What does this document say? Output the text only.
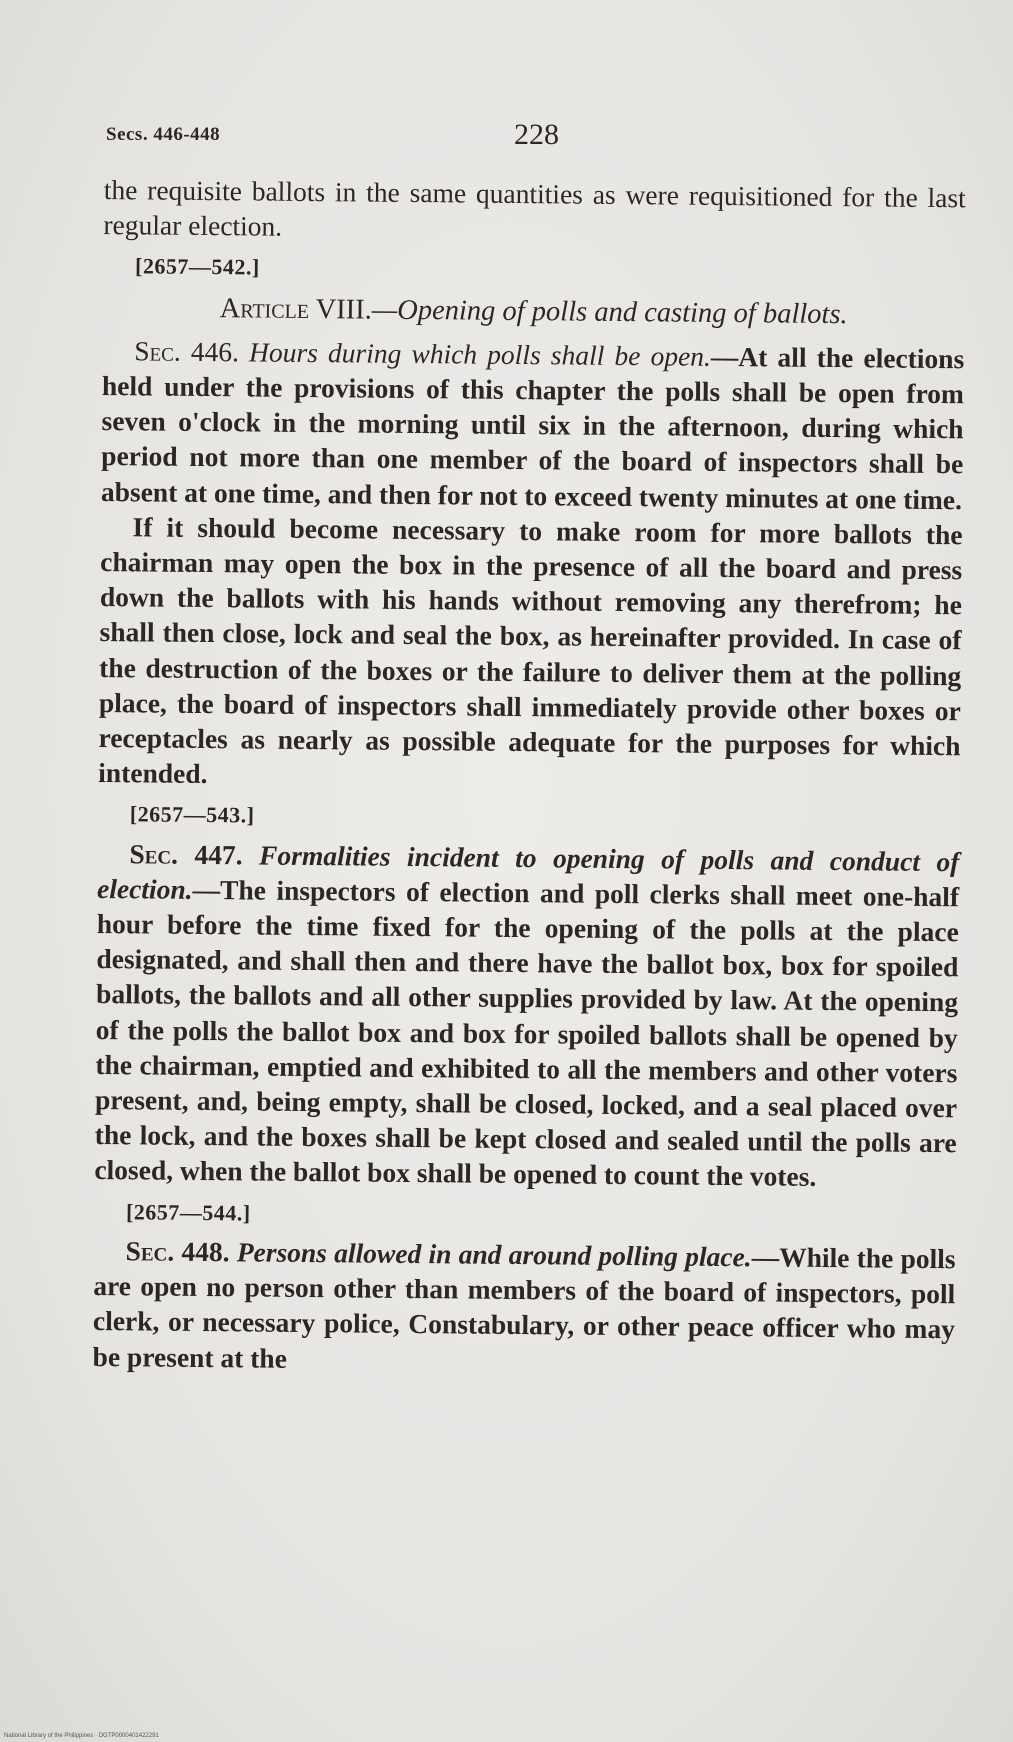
Secs. 446-448	228

the requisite ballots in the same quantities as were requisitioned for the last regular election.

[2657—542.]

Article VIII.—Opening of polls and casting of ballots.

Sec. 446. Hours during which polls shall be open.—At all the elections held under the provisions of this chapter the polls shall be open from seven o'clock in the morning until six in the afternoon, during which period not more than one member of the board of inspectors shall be absent at one time, and then for not to exceed twenty minutes at one time.

If it should become necessary to make room for more ballots the chairman may open the box in the presence of all the board and press down the ballots with his hands without removing any therefrom; he shall then close, lock and seal the box, as hereinafter provided. In case of the destruction of the boxes or the failure to deliver them at the polling place, the board of inspectors shall immediately provide other boxes or receptacles as nearly as possible adequate for the purposes for which intended.

[2657—543.]

Sec. 447. Formalities incident to opening of polls and conduct of election.—The inspectors of election and poll clerks shall meet one-half hour before the time fixed for the opening of the polls at the place designated, and shall then and there have the ballot box, box for spoiled ballots, the ballots and all other supplies provided by law. At the opening of the polls the ballot box and box for spoiled ballots shall be opened by the chairman, emptied and exhibited to all the members and other voters present, and, being empty, shall be closed, locked, and a seal placed over the lock, and the boxes shall be kept closed and sealed until the polls are closed, when the ballot box shall be opened to count the votes.

[2657—544.]

Sec. 448. Persons allowed in and around polling place.—While the polls are open no person other than members of the board of inspectors, poll clerk, or necessary police, Constabulary, or other peace officer who may be present at the

National Library of the Philippines · DGTP0000401422291
